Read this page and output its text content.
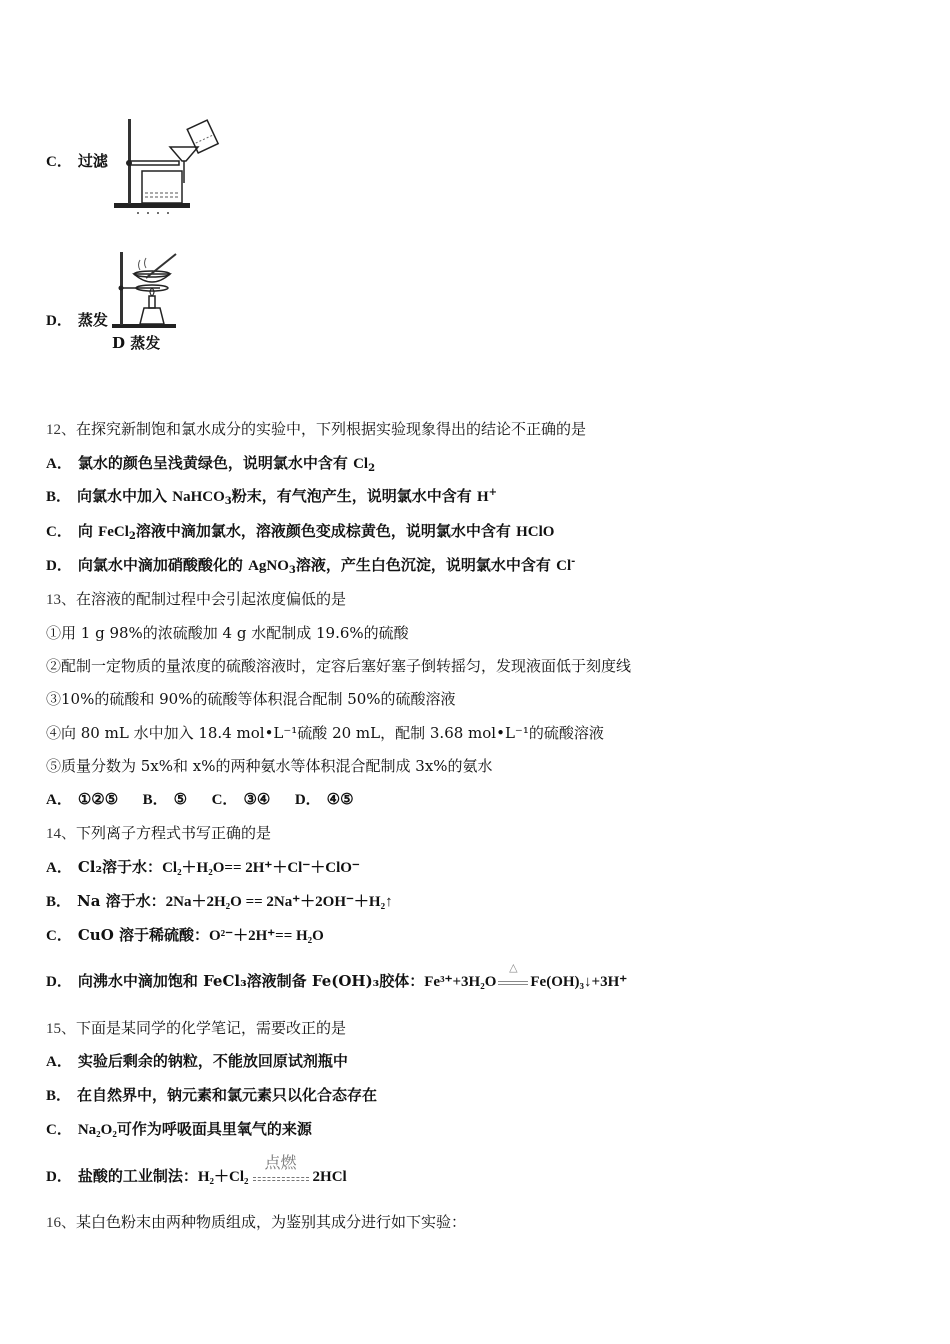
C． 过滤
D． 蒸发
D 蒸发
12、在探究新制饱和氯水成分的实验中，下列根据实验现象得出的结论不正确的是
A． 氯水的颜色呈浅黄绿色，说明氯水中含有 $Cl_2$
B． 向氯水中加入 NaHCO$_3$粉末，有气泡产生，说明氯水中含有 H+
C． 向 FeCl$_2$溶液中滴加氯水，溶液颜色变成棕黄色，说明氯水中含有 HClO
D． 向氯水中滴加硝酸酸化的 AgNO$_3$溶液，产生白色沉淀，说明氯水中含有 Cl-
13、在溶液的配制过程中会引起浓度偏低的是
①用 1 g 98%的浓硫酸加 4 g 水配制成 19.6%的硫酸
②配制一定物质的量浓度的硫酸溶液时，定容后塞好塞子倒转摇匀，发现液面低于刻度线
③10%的硫酸和 90%的硫酸等体积混合配制 50%的硫酸溶液
④向 80 mL 水中加入 18.4 mol•L⁻¹硫酸 20 mL，配制 3.68 mol•L⁻¹的硫酸溶液
⑤质量分数为 5x%和 x%的两种氨水等体积混合配制成 3x%的氨水
A． ①②⑤ B． ⑤ C． ③④ D． ④⑤
14、下列离子方程式书写正确的是
A． Cl₂溶于水：Cl₂＋H₂O== 2H⁺＋Cl⁻＋ClO⁻
B． Na 溶于水：2Na＋2H₂O == 2Na⁺＋2OH⁻＋H₂↑
C． CuO 溶于稀硫酸：O²⁻＋2H⁺== H₂O
D． 向沸水中滴加饱和 FeCl₃溶液制备 Fe(OH)₃胶体：Fe³⁺+3H₂O
△
Fe(OH)₃↓+3H⁺
15、下面是某同学的化学笔记，需要改正的是
A． 实验后剩余的钠粒，不能放回原试剂瓶中
B． 在自然界中，钠元素和氯元素只以化合态存在
C． Na₂O₂可作为呼吸面具里氧气的来源
D． 盐酸的工业制法：H₂＋Cl₂
点燃
2HCl
16、某白色粉末由两种物质组成，为鉴别其成分进行如下实验：
